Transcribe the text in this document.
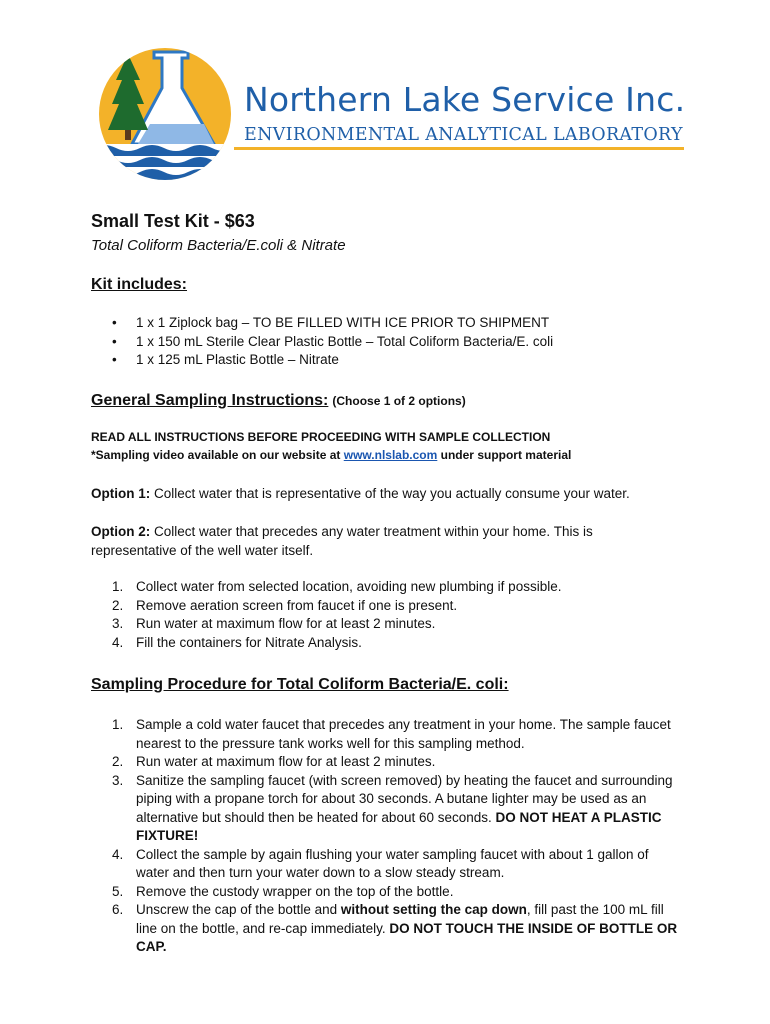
Northern Lake Service Inc.
ENVIRONMENTAL ANALYTICAL LABORATORY
Small Test Kit - $63
Total Coliform Bacteria/E.coli & Nitrate
Kit includes:
• 1 x 1 Ziplock bag – TO BE FILLED WITH ICE PRIOR TO SHIPMENT
• 1 x 150 mL Sterile Clear Plastic Bottle – Total Coliform Bacteria/E. coli
• 1 x 125 mL Plastic Bottle – Nitrate
General Sampling Instructions: (Choose 1 of 2 options)
READ ALL INSTRUCTIONS BEFORE PROCEEDING WITH SAMPLE COLLECTION
*Sampling video available on our website at www.nlslab.com under support material
Option 1: Collect water that is representative of the way you actually consume your water.
Option 2: Collect water that precedes any water treatment within your home. This is
representative of the well water itself.
1. Collect water from selected location, avoiding new plumbing if possible.
2. Remove aeration screen from faucet if one is present.
3. Run water at maximum flow for at least 2 minutes.
4. Fill the containers for Nitrate Analysis.
Sampling Procedure for Total Coliform Bacteria/E. coli:
1. Sample a cold water faucet that precedes any treatment in your home. The sample faucet
nearest to the pressure tank works well for this sampling method.
2. Run water at maximum flow for at least 2 minutes.
3. Sanitize the sampling faucet (with screen removed) by heating the faucet and surrounding
piping with a propane torch for about 30 seconds. A butane lighter may be used as an
alternative but should then be heated for about 60 seconds. DO NOT HEAT A PLASTIC
FIXTURE!
4. Collect the sample by again flushing your water sampling faucet with about 1 gallon of
water and then turn your water down to a slow steady stream.
5. Remove the custody wrapper on the top of the bottle.
6. Unscrew the cap of the bottle and without setting the cap down, fill past the 100 mL fill
line on the bottle, and re-cap immediately. DO NOT TOUCH THE INSIDE OF BOTTLE OR
CAP.
